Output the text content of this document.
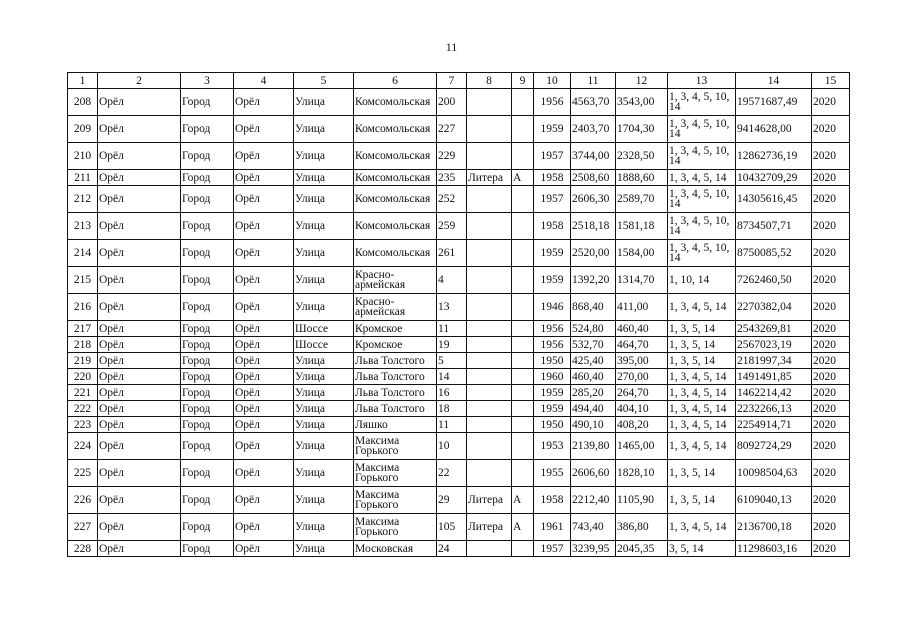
11
1	2	3	4	5	6	7	8	9	10	11	12	13	14	15
208	Орёл	Город	Орёл	Улица	Комсомольская	200			1956	4563,70	3543,00	1, 3, 4, 5, 10, 14	19571687,49	2020
209	Орёл	Город	Орёл	Улица	Комсомольская	227			1959	2403,70	1704,30	1, 3, 4, 5, 10, 14	9414628,00	2020
210	Орёл	Город	Орёл	Улица	Комсомольская	229			1957	3744,00	2328,50	1, 3, 4, 5, 10, 14	12862736,19	2020
211	Орёл	Город	Орёл	Улица	Комсомольская	235	Литера	А	1958	2508,60	1888,60	1, 3, 4, 5, 14	10432709,29	2020
212	Орёл	Город	Орёл	Улица	Комсомольская	252			1957	2606,30	2589,70	1, 3, 4, 5, 10, 14	14305616,45	2020
213	Орёл	Город	Орёл	Улица	Комсомольская	259			1958	2518,18	1581,18	1, 3, 4, 5, 10, 14	8734507,71	2020
214	Орёл	Город	Орёл	Улица	Комсомольская	261			1959	2520,00	1584,00	1, 3, 4, 5, 10, 14	8750085,52	2020
215	Орёл	Город	Орёл	Улица	Красно-армейская	4			1959	1392,20	1314,70	1, 10, 14	7262460,50	2020
216	Орёл	Город	Орёл	Улица	Красно-армейская	13			1946	868,40	411,00	1, 3, 4, 5, 14	2270382,04	2020
217	Орёл	Город	Орёл	Шоссе	Кромское	11			1956	524,80	460,40	1, 3, 5, 14	2543269,81	2020
218	Орёл	Город	Орёл	Шоссе	Кромское	19			1956	532,70	464,70	1, 3, 5, 14	2567023,19	2020
219	Орёл	Город	Орёл	Улица	Льва Толстого	5			1950	425,40	395,00	1, 3, 5, 14	2181997,34	2020
220	Орёл	Город	Орёл	Улица	Льва Толстого	14			1960	460,40	270,00	1, 3, 4, 5, 14	1491491,85	2020
221	Орёл	Город	Орёл	Улица	Льва Толстого	16			1959	285,20	264,70	1, 3, 4, 5, 14	1462214,42	2020
222	Орёл	Город	Орёл	Улица	Льва Толстого	18			1959	494,40	404,10	1, 3, 4, 5, 14	2232266,13	2020
223	Орёл	Город	Орёл	Улица	Ляшко	11			1950	490,10	408,20	1, 3, 4, 5, 14	2254914,71	2020
224	Орёл	Город	Орёл	Улица	Максима Горького	10			1953	2139,80	1465,00	1, 3, 4, 5, 14	8092724,29	2020
225	Орёл	Город	Орёл	Улица	Максима Горького	22			1955	2606,60	1828,10	1, 3, 5, 14	10098504,63	2020
226	Орёл	Город	Орёл	Улица	Максима Горького	29	Литера	А	1958	2212,40	1105,90	1, 3, 5, 14	6109040,13	2020
227	Орёл	Город	Орёл	Улица	Максима Горького	105	Литера	А	1961	743,40	386,80	1, 3, 4, 5, 14	2136700,18	2020
228	Орёл	Город	Орёл	Улица	Московская	24			1957	3239,95	2045,35	3, 5, 14	11298603,16	2020
